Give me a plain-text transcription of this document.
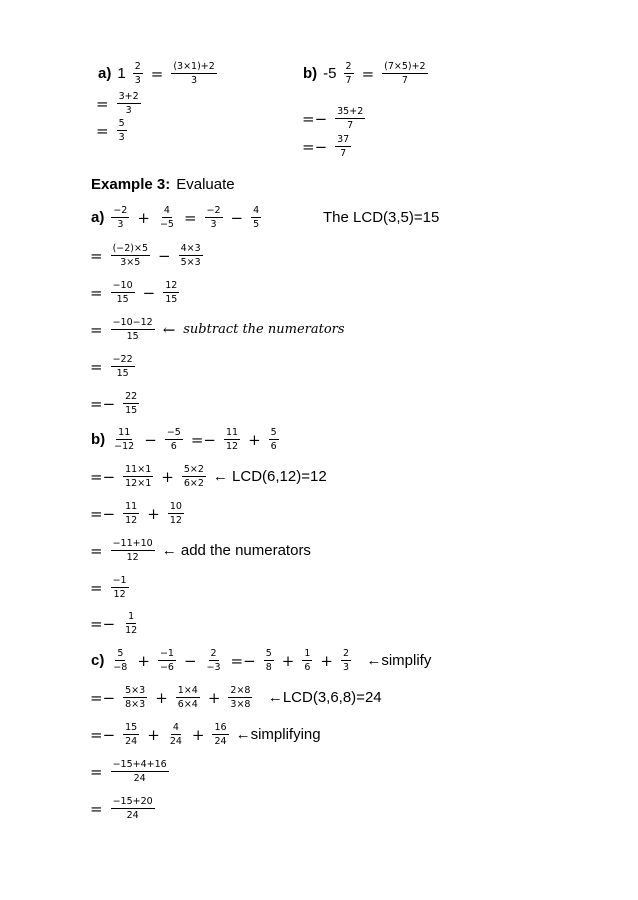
a) $1 \frac{2}{3} = \frac{(3\times 1)+2}{3}$	b) $-5 \frac{2}{7} = \frac{(7\times 5)+2}{7}$
= $\frac{3+2}{3}$
= $\frac{5}{3}$	=− $\frac{35+2}{7}$
=− $\frac{37}{7}$
Example 3: Evaluate
$a) \frac{-2}{3} + \frac{4}{-5} = \frac{-2}{3} - \frac{4}{5}$	The LCD(3,5)=15
= $\frac{(-2)\times 5}{3\times 5} - \frac{4\times 3}{5\times 3}$
= $\frac{-10}{15} - \frac{12}{15}$
= $\frac{-10-12}{15}$ ← subtract the numerators
= $\frac{-22}{15}$
=− $\frac{22}{15}$
$b) \frac{11}{-12} - \frac{-5}{6} =- \frac{11}{12} + \frac{5}{6}$
=− $\frac{11\times 1}{12\times 1} + \frac{5\times 2}{6\times 2}$ ← LCD(6,12)=12
=− $\frac{11}{12} + \frac{10}{12}$
= $\frac{-11+10}{12}$ ← add the numerators
= $\frac{-1}{12}$
=− $\frac{1}{12}$
$c) \frac{5}{-8} + \frac{-1}{-6} - \frac{2}{-3} =- \frac{5}{8} + \frac{1}{6} + \frac{2}{3}$ ←simplify
=− $\frac{5\times 3}{8\times 3} + \frac{1\times 4}{6\times 4} + \frac{2\times 8}{3\times 8}$ ←LCD(3,6,8)=24
=− $\frac{15}{24} + \frac{4}{24} + \frac{16}{24}$ ←simplifying
= $\frac{-15+4+16}{24}$
= $\frac{-15+20}{24}$
